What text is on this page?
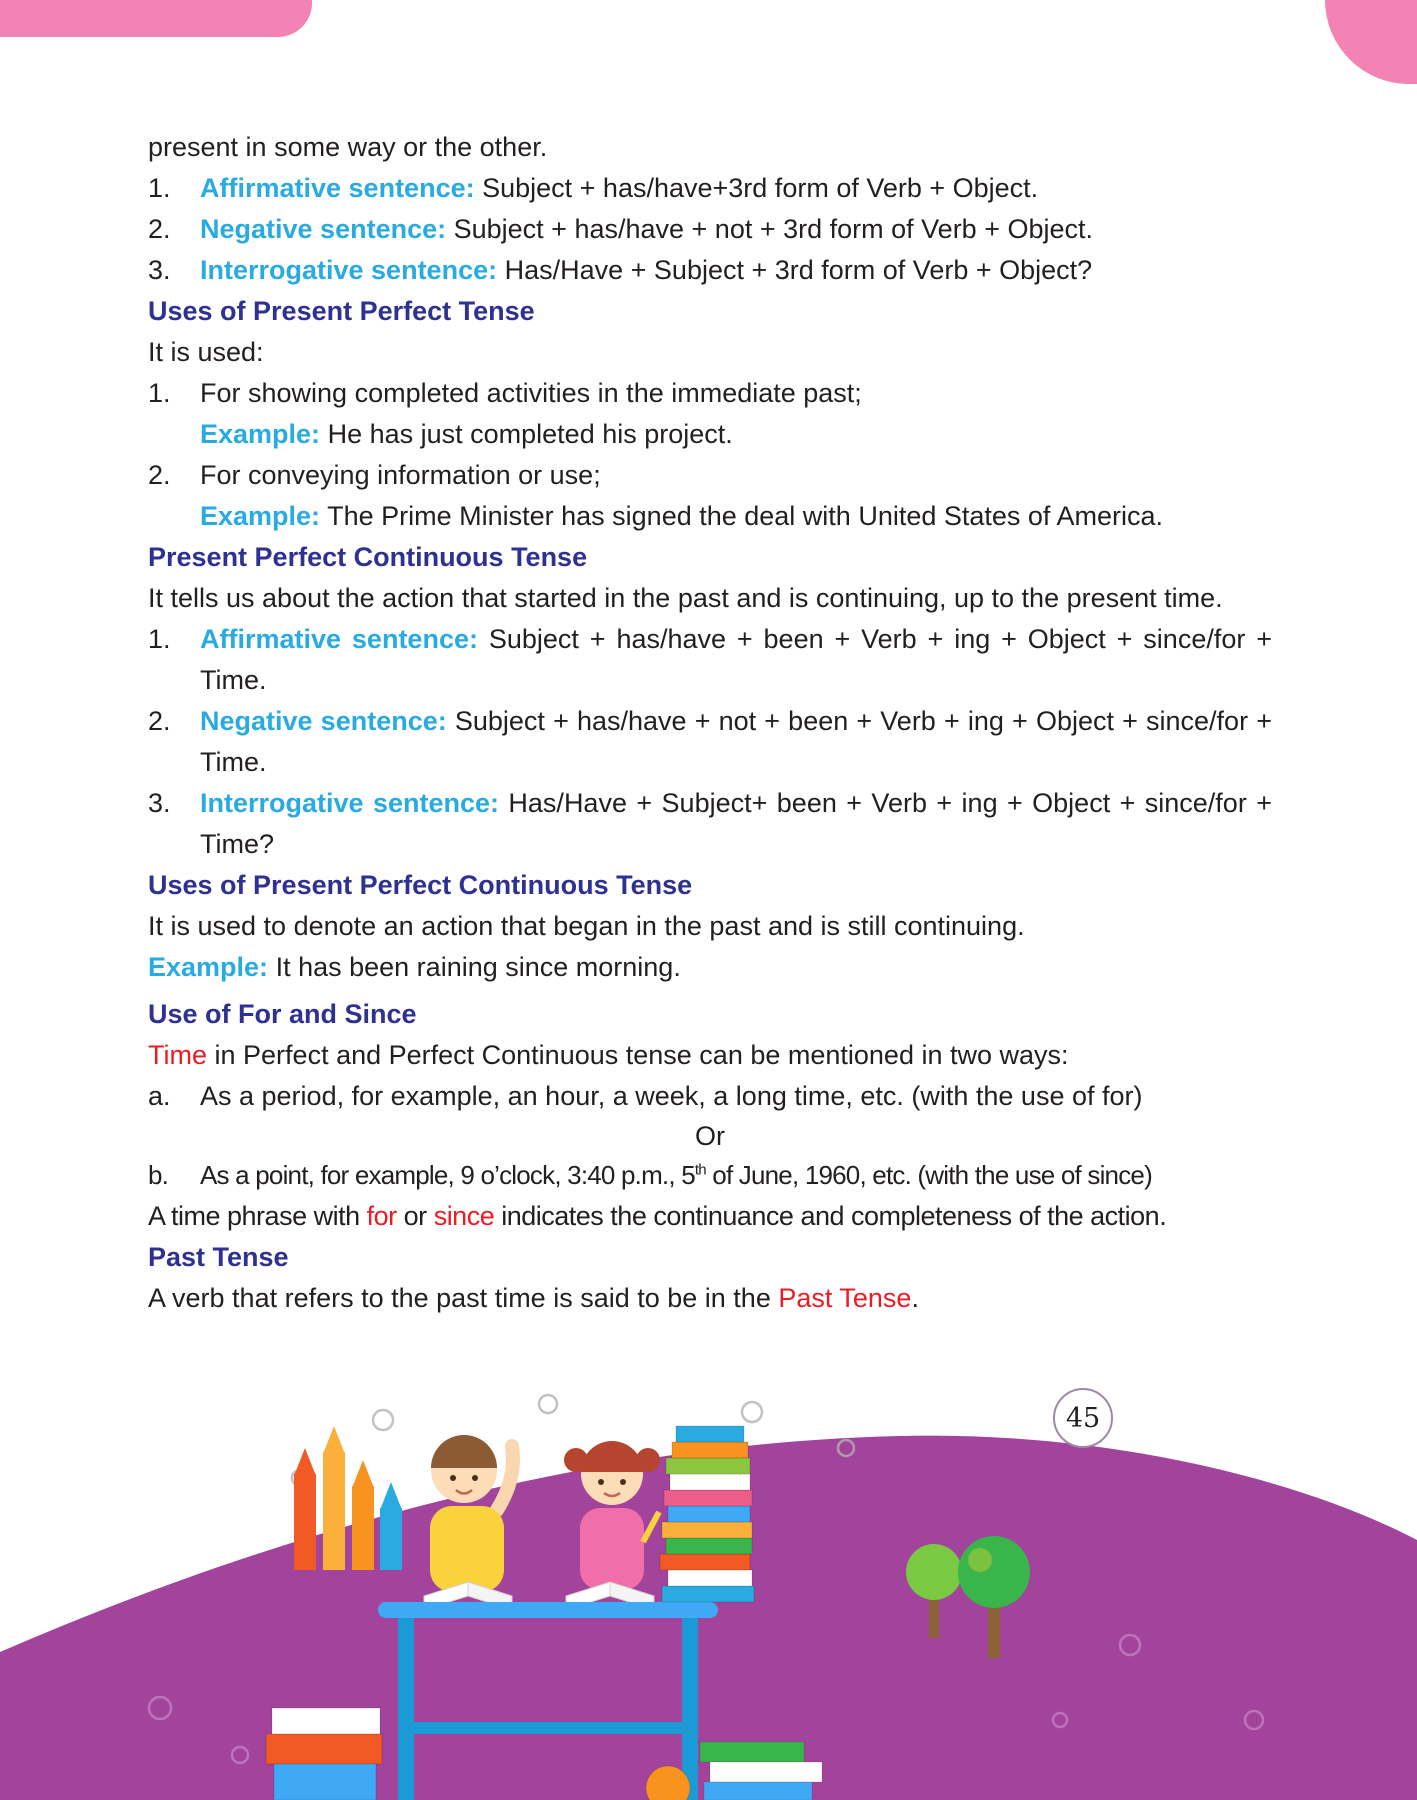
present in some way or the other.

1. Affirmative sentence: Subject + has/have+3rd form of Verb + Object.
2. Negative sentence: Subject + has/have + not + 3rd form of Verb + Object.
3. Interrogative sentence: Has/Have + Subject + 3rd form of Verb + Object?
Uses of Present Perfect Tense

It is used:

1. For showing completed activities in the immediate past;
Example: He has just completed his project.
2. For conveying information or use;
Example: The Prime Minister has signed the deal with United States of America.
Present Perfect Continuous Tense

It tells us about the action that started in the past and is continuing, up to the present time.

1. Affirmative sentence: Subject + has/have + been + Verb + ing + Object + since/for + Time.
2. Negative sentence: Subject + has/have + not + been + Verb + ing + Object + since/for + Time.
3. Interrogative sentence: Has/Have + Subject+ been + Verb + ing + Object + since/for + Time?
Uses of Present Perfect Continuous Tense

It is used to denote an action that began in the past and is still continuing.

Example: It has been raining since morning.

Use of For and Since

Time in Perfect and Perfect Continuous tense can be mentioned in two ways:

a. As a period, for example, an hour, a week, a long time, etc. (with the use of for)

Or

b. As a point, for example, 9 o’clock, 3:40 p.m., 5th of June, 1960, etc. (with the use of since)

A time phrase with for or since indicates the continuance and completeness of the action.

Past Tense

A verb that refers to the past time is said to be in the Past Tense.

45
